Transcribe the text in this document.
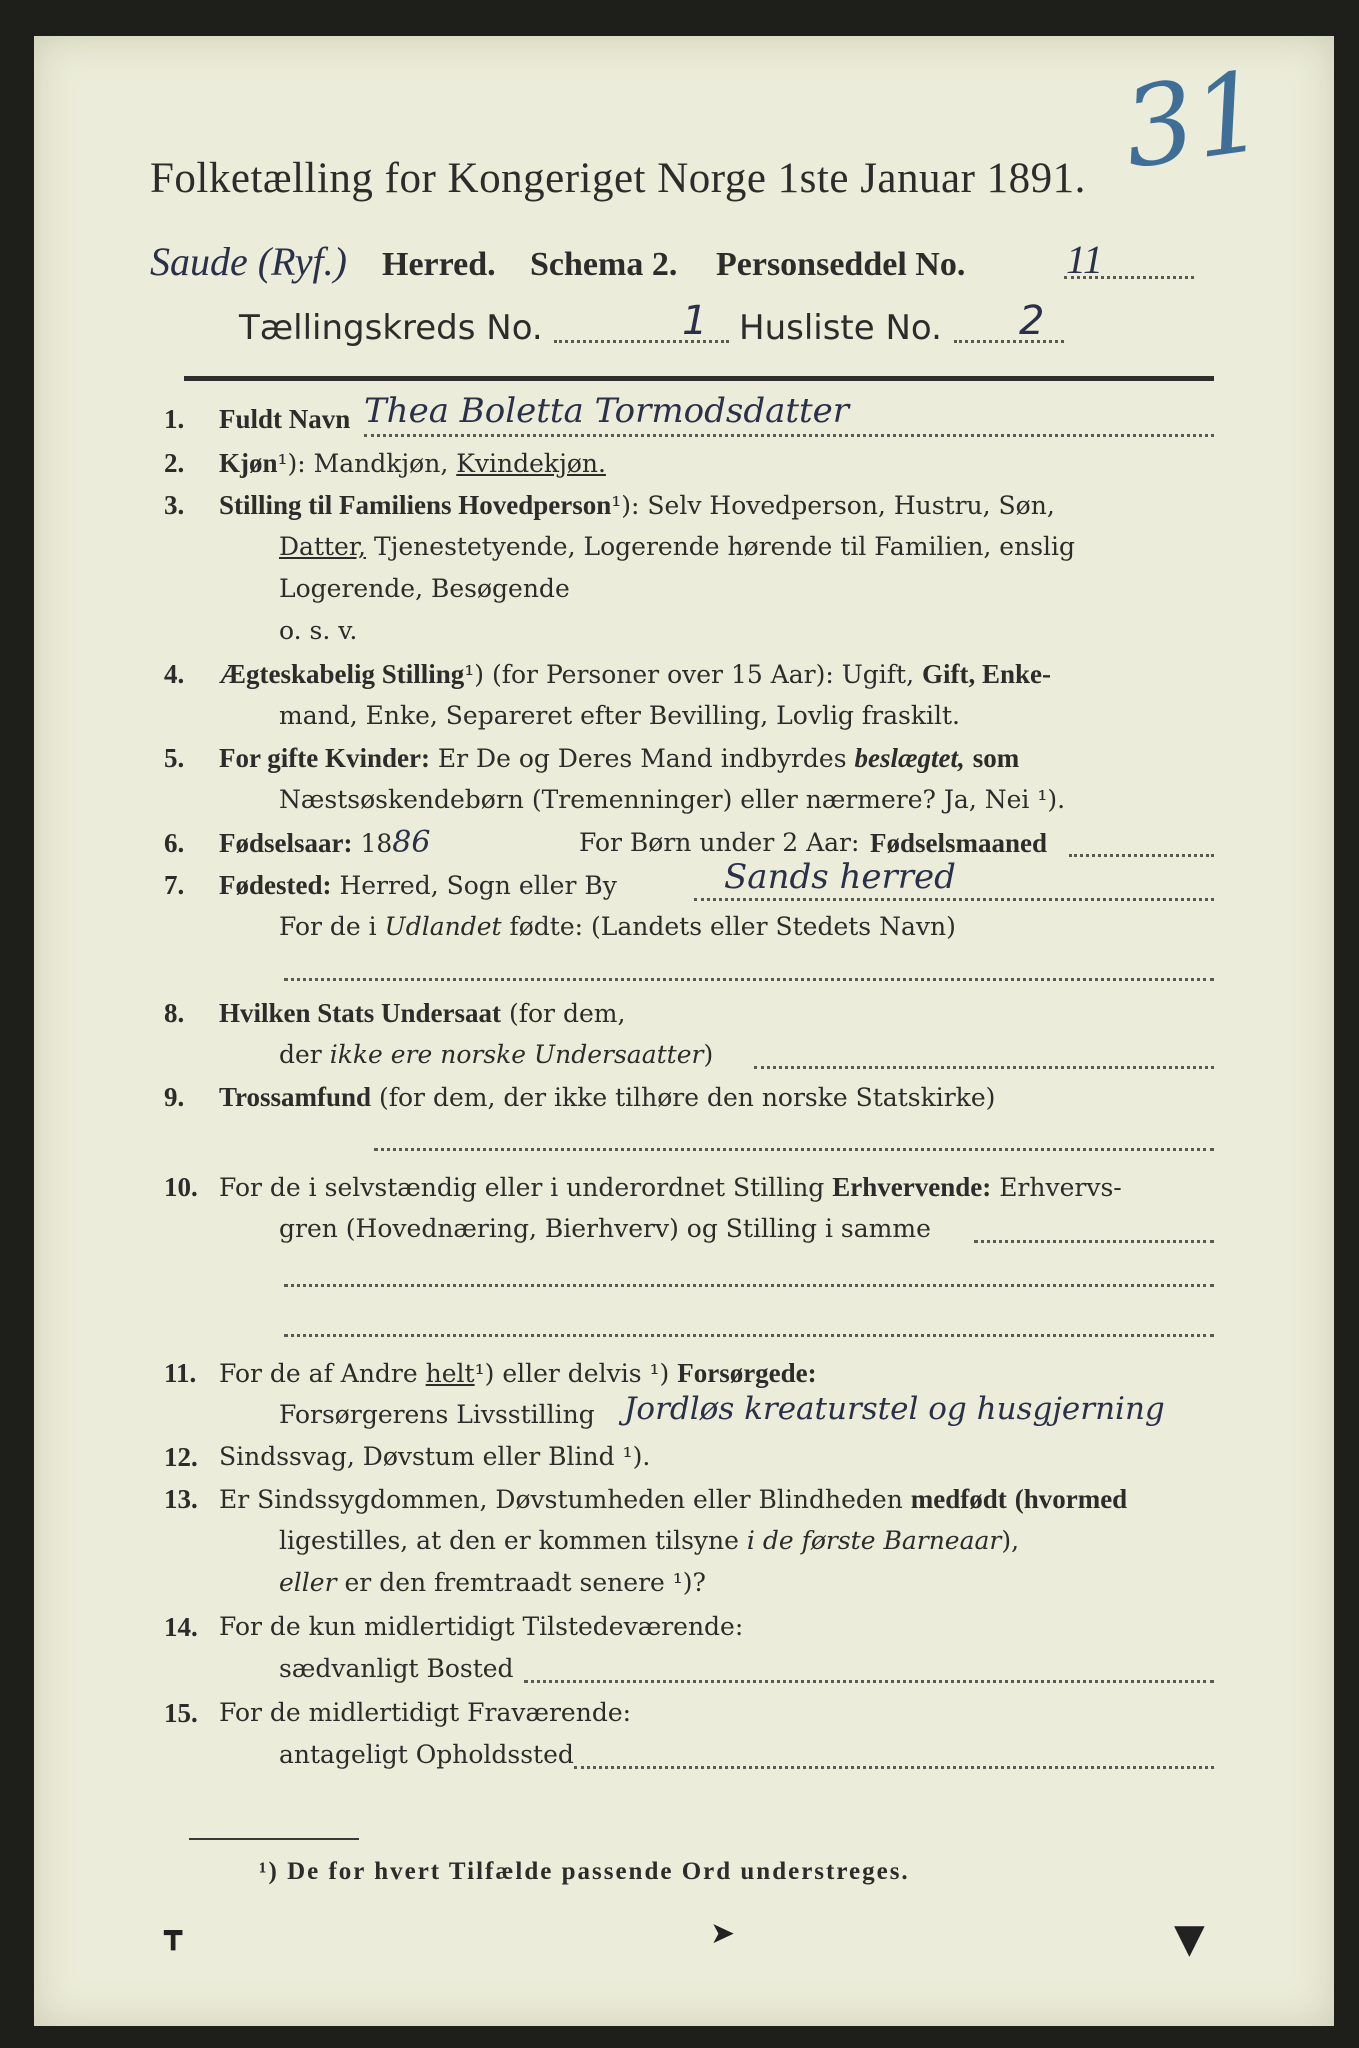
31
Folketælling for Kongeriget Norge 1ste Januar 1891.
Saude (Ryf.) Herred. Schema 2. Personseddel No.	11
Tællingskreds No.	1 Husliste No. 2
1. Fuldt Navn Thea Boletta Tormodsdatter
2. Kjøn¹): Mandkjøn, Kvindekjøn.
3. Stilling til Familiens Hovedperson¹): Selv Hovedperson, Hustru, Søn,
Datter, Tjenestetyende, Logerende hørende til Familien, enslig
Logerende, Besøgende
o. s. v.
4. Ægteskabelig Stilling¹) (for Personer over 15 Aar): Ugift, Gift, Enke-
mand, Enke, Separeret efter Bevilling, Lovlig fraskilt.
5. For gifte Kvinder: Er De og Deres Mand indbyrdes beslægtet, som
Næstsøskendebørn (Tremenninger) eller nærmere? Ja, Nei ¹).
6. Fødselsaar: 1886	For Børn under 2 Aar: Fødselsmaaned
7. Fødested: Herred, Sogn eller By	Sands herred
For de i Udlandet fødte: (Landets eller Stedets Navn)
8. Hvilken Stats Undersaat (for dem,
der ikke ere norske Undersaatter)
9. Trossamfund (for dem, der ikke tilhøre den norske Statskirke)
10. For de i selvstændig eller i underordnet Stilling Erhvervende: Erhvervs-
gren (Hovednæring, Bierhverv) og Stilling i samme
11. For de af Andre helt¹) eller delvis ¹) Forsørgede:
Forsørgerens Livsstilling Jordløs kreaturstel og husgjerning
12. Sindssvag, Døvstum eller Blind ¹).
13. Er Sindssygdommen, Døvstumheden eller Blindheden medfødt (hvormed
ligestilles, at den er kommen tilsyne i de første Barneaar),
eller er den fremtraadt senere ¹)?
14. For de kun midlertidigt Tilstedeværende:
sædvanligt Bosted
15. For de midlertidigt Fraværende:
antageligt Opholdssted
¹) De for hvert Tilfælde passende Ord understreges.
┳	➤	▼
